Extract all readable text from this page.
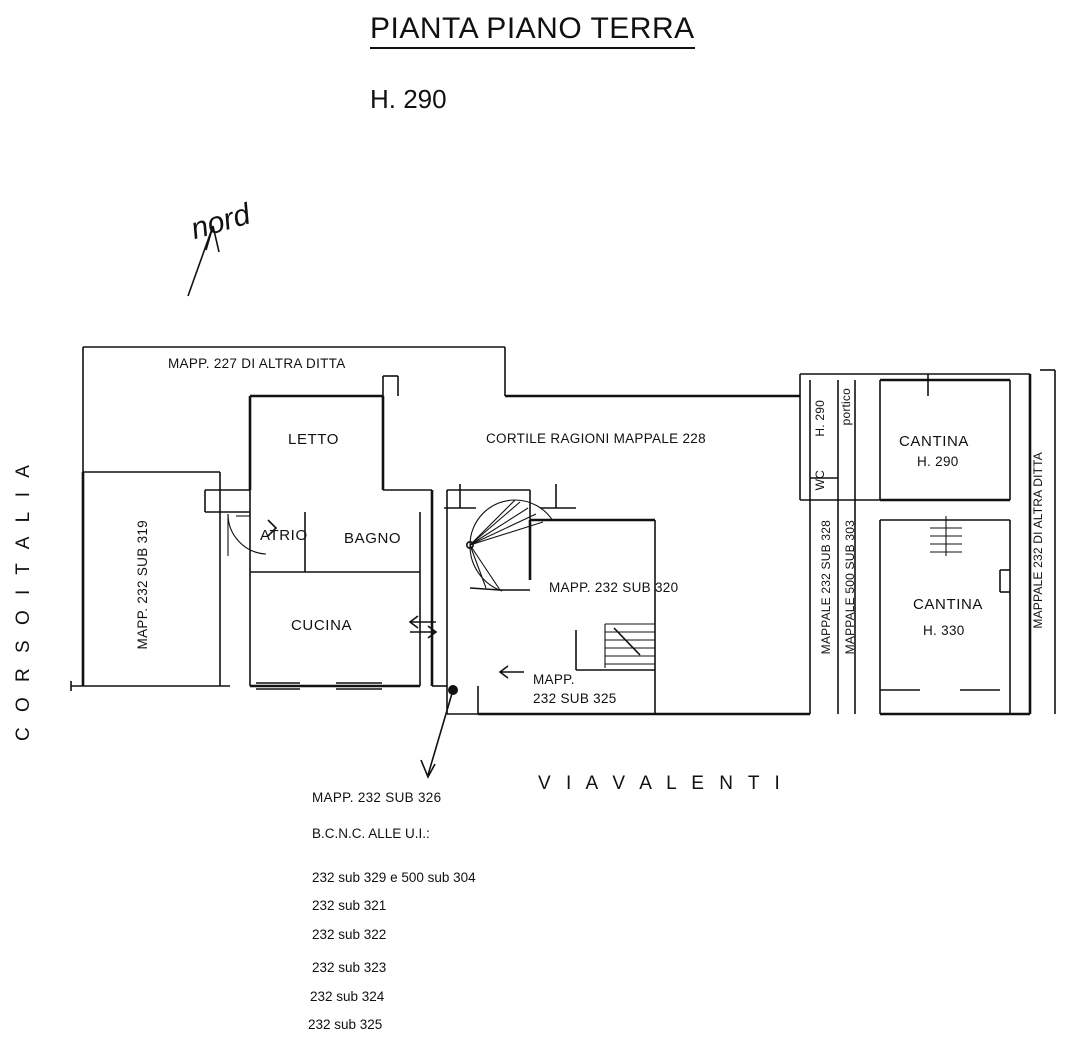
PIANTA PIANO TERRA
H. 290
nord
C O R S O I T A L I A
V I A V A L E N T I
MAPP. 227 DI ALTRA DITTA
LETTO	CORTILE RAGIONI MAPPALE 228
ATRIO BAGNO
CUCINA
MAPP. 232 SUB 319	MAPP. 232 SUB 320
MAPP.
232 SUB 325
portico
H. 290
WC
CANTINA
H. 290
CANTINA
H. 330
MAPPALE 232 SUB 328 MAPPALE 500 SUB 303	MAPPALE 232 DI ALTRA DITTA
MAPP. 232 SUB 326
B.C.N.C. ALLE U.I.:
232 sub 329 e 500 sub 304
232 sub 321
232 sub 322
232 sub 323
232 sub 324
232 sub 325
